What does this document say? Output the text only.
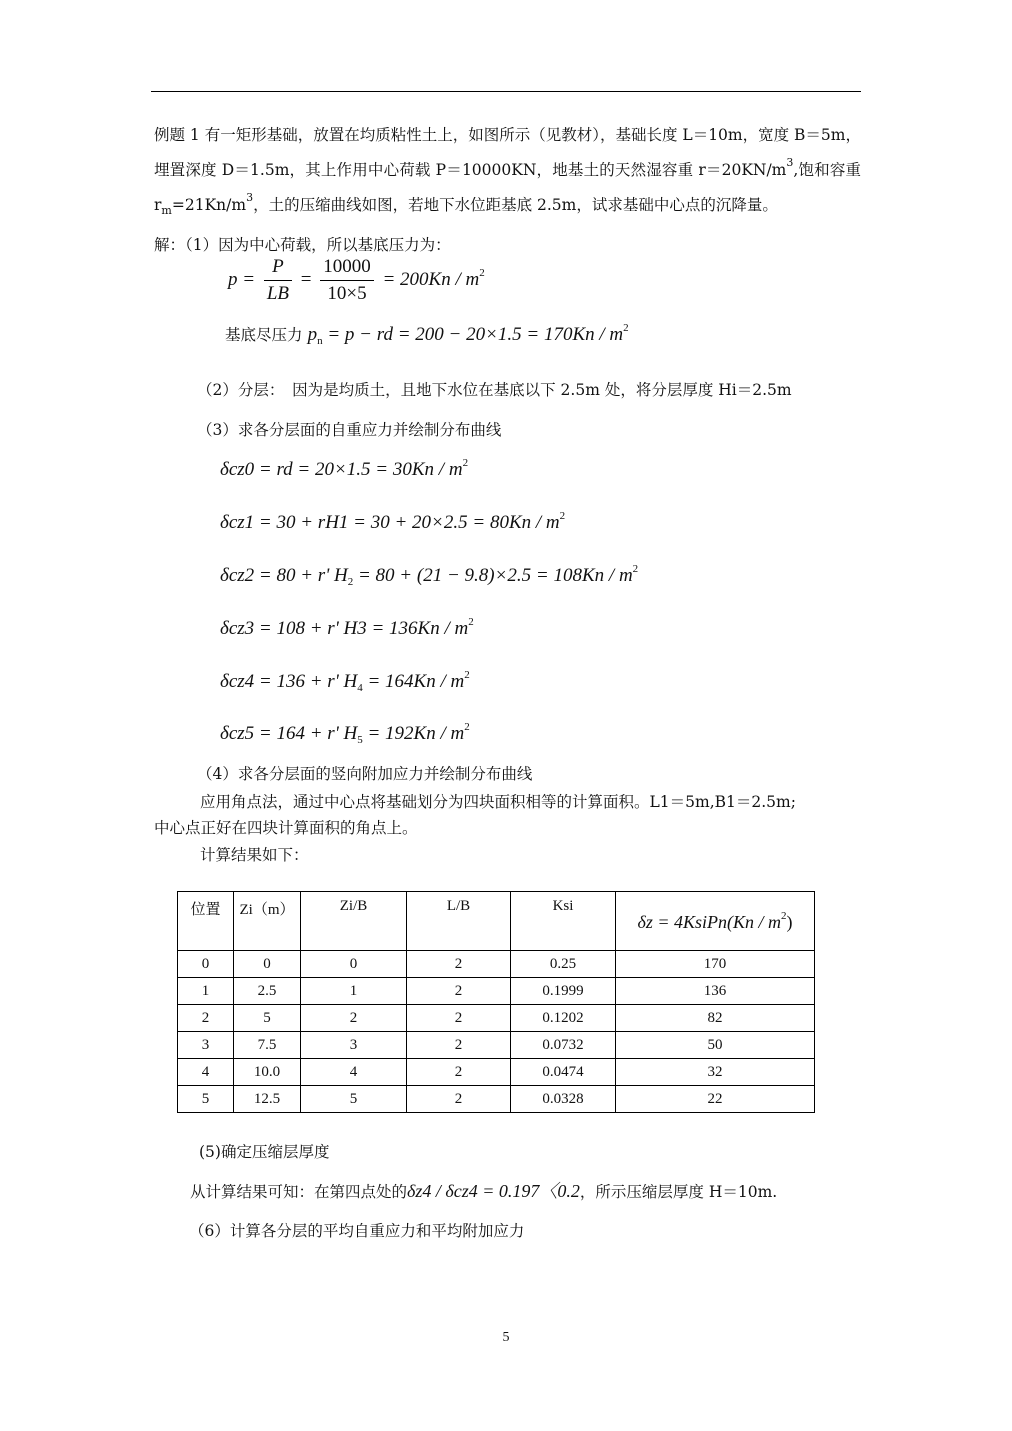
例题 1 有一矩形基础，放置在均质粘性土上，如图所示（见教材），基础长度 L＝10m，宽度 B＝5m，埋置深度 D＝1.5m，其上作用中心荷载 P＝10000KN，地基土的天然湿容重 $r=20KN/m^3$,饱和容重 $r_m=21Kn/m^3$，土的压缩曲线如图，若地下水位距基底 2.5m，试求基础中心点的沉降量。
解：（1）因为中心荷载，所以基底压力为：
$p = \frac{P}{LB} = \frac{10000}{10\times 5} = 200Kn / m^2$
基底尽压力 $p_n = p$ − rd = $200 - 20\times 1.5 = 170Kn / m^2$
（2）分层：　因为是均质土，且地下水位在基底以下 2.5m 处，将分层厚度 Hi＝2.5m
（3）求各分层面的自重应力并绘制分布曲线
δcz0 = rd = $20\times 1.5 = 30Kn / m^2$
$\delta cz1 = 30 + rH1 = 30 + 20\times 2.5 = 80Kn / m^2$
δcz2 = 80 + r' $H_2 = 80 + (21 - 9.8)\times 2.5 = 108Kn / m^2$
δcz3 = 108 + r' $H3 = 136Kn / m^2$
δcz4 = 136 + r' $H_4 = 164Kn / m^2$
δcz5 = 164 + r' $H_5 = 192Kn / m^2$
（4）求各分层面的竖向附加应力并绘制分布曲线
应用角点法，通过中心点将基础划分为四块面积相等的计算面积。L1＝5m,B1＝2.5m;
中心点正好在四块计算面积的角点上。
计算结果如下：
位置	Zi（m）	Zi/B	L/B	Ksi	δz = 4KsiPn(Kn / $m^2$)
0	0	0	2	0.25	170
1	2.5	1	2	0.1999	136
2	5	2	2	0.1202	82
3	7.5	3	2	0.0732	50
4	10.0	4	2	0.0474	32
5	12.5	5	2	0.0328	22
(5)确定压缩层厚度
从计算结果可知：在第四点处的δz4 / δcz4 = 0.197〈0.2，所示压缩层厚度 H＝10m.
（6）计算各分层的平均自重应力和平均附加应力
5
